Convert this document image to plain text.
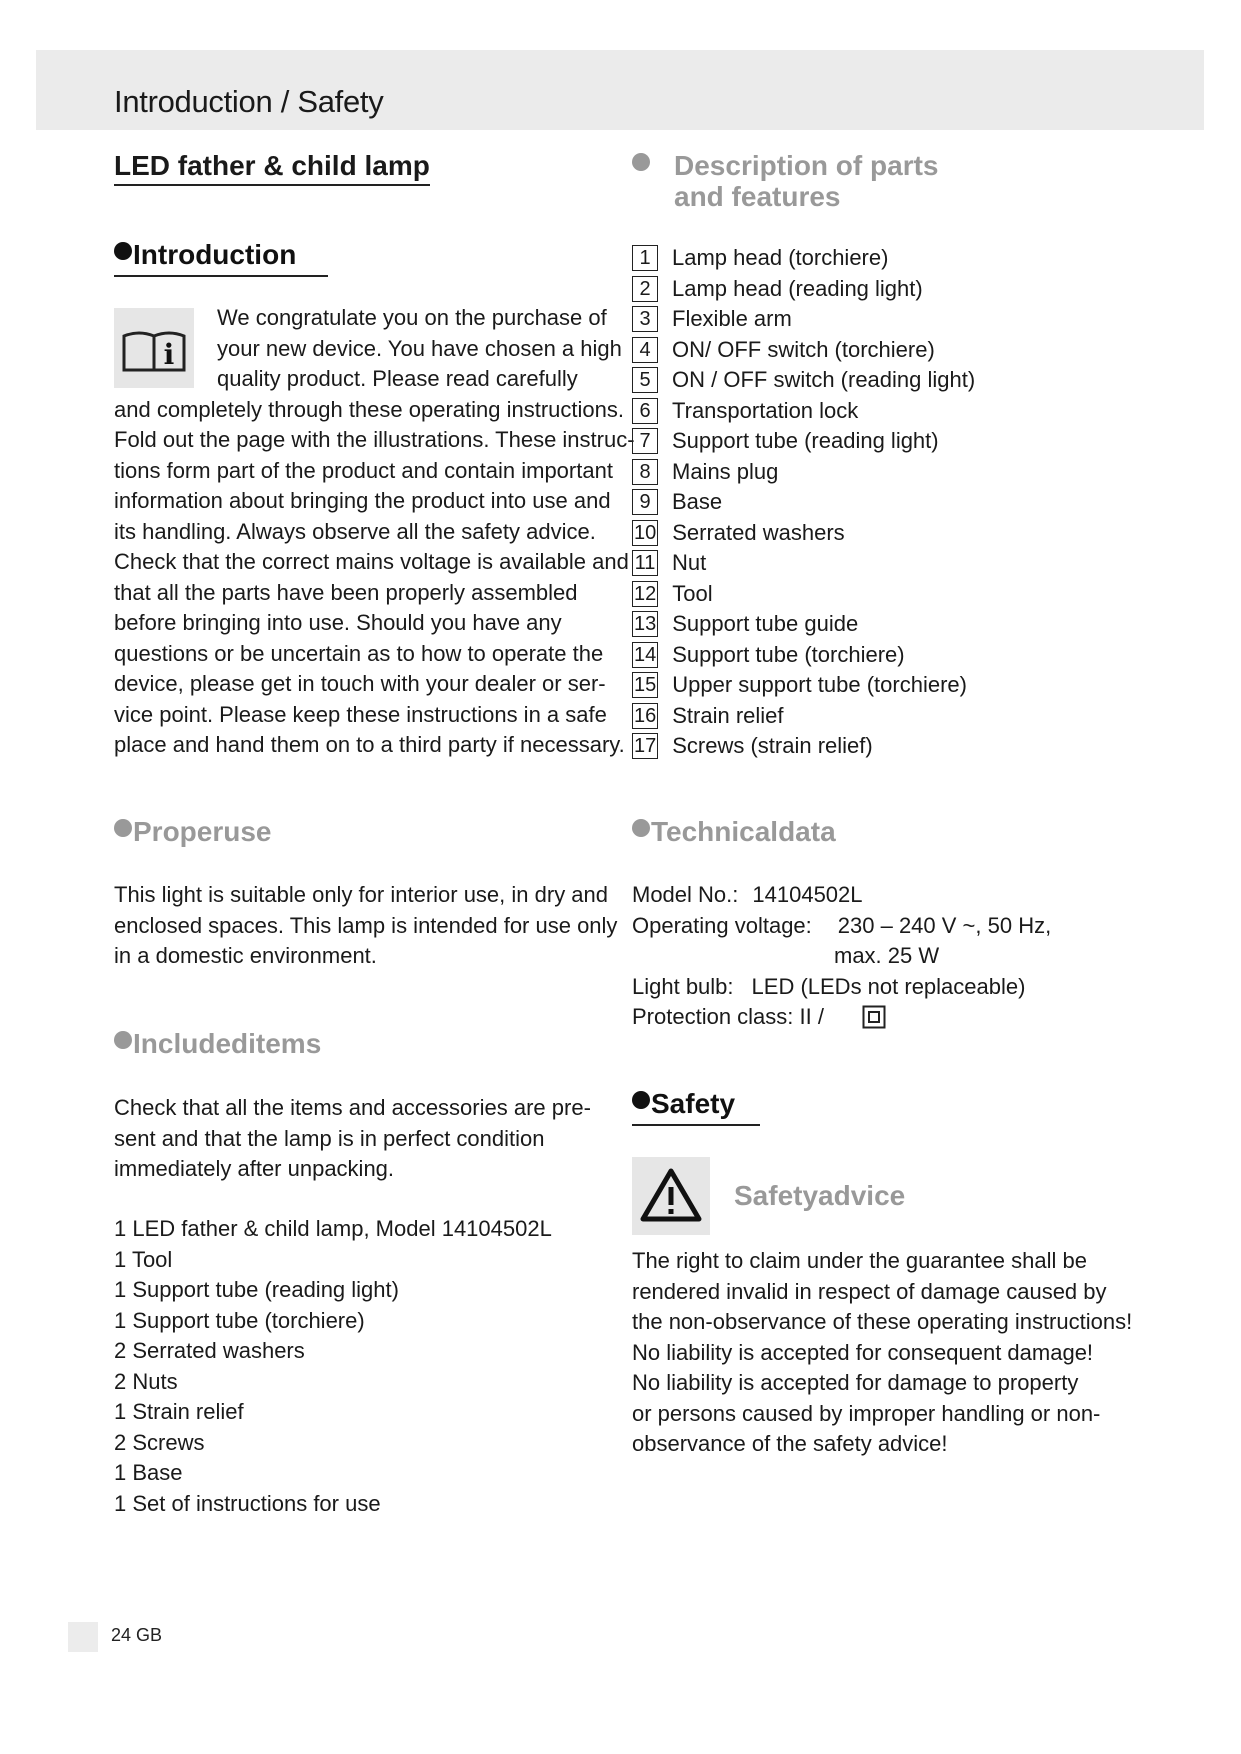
Introduction / Safety
LED father & child lamp
Introduction
i
We congratulate you on the purchase of
your new device. You have chosen a high
quality product. Please read carefully
and completely through these operating instructions.
Fold out the page with the illustrations. These instruc-
tions form part of the product and contain important
information about bringing the product into use and
its handling. Always observe all the safety advice.
Check that the correct mains voltage is available and
that all the parts have been properly assembled
before bringing into use. Should you have any
questions or be uncertain as to how to operate the
device, please get in touch with your dealer or ser-
vice point. Please keep these instructions in a safe
place and hand them on to a third party if necessary.
Properuse
This light is suitable only for interior use, in dry and
enclosed spaces. This lamp is intended for use only
in a domestic environment.
Includeditems
Check that all the items and accessories are pre-
sent and that the lamp is in perfect condition
immediately after unpacking.
1 LED father & child lamp, Model 14104502L
1 Tool
1 Support tube (reading light)
1 Support tube (torchiere)
2 Serrated washers
2 Nuts
1 Strain relief
2 Screws
1 Base
1 Set of instructions for use
Description of parts
and features
1 Lamp head (torchiere)
2 Lamp head (reading light)
3 Flexible arm
4 ON/ OFF switch (torchiere)
5 ON / OFF switch (reading light)
6 Transportation lock
7 Support tube (reading light)
8 Mains plug
9 Base
10 Serrated washers
11 Nut
12 Tool
13 Support tube guide
14 Support tube (torchiere)
15 Upper support tube (torchiere)
16 Strain relief
17 Screws (strain relief)
Technicaldata
Model No.: 14104502L
Operating voltage: 230 – 240 V ~, 50 Hz,
max. 25 W
Light bulb: LED (LEDs not replaceable)
Protection class: II /
Safety
Safetyadvice
The right to claim under the guarantee shall be
rendered invalid in respect of damage caused by
the non-observance of these operating instructions!
No liability is accepted for consequent damage!
No liability is accepted for damage to property
or persons caused by improper handling or non-
observance of the safety advice!
24 GB
